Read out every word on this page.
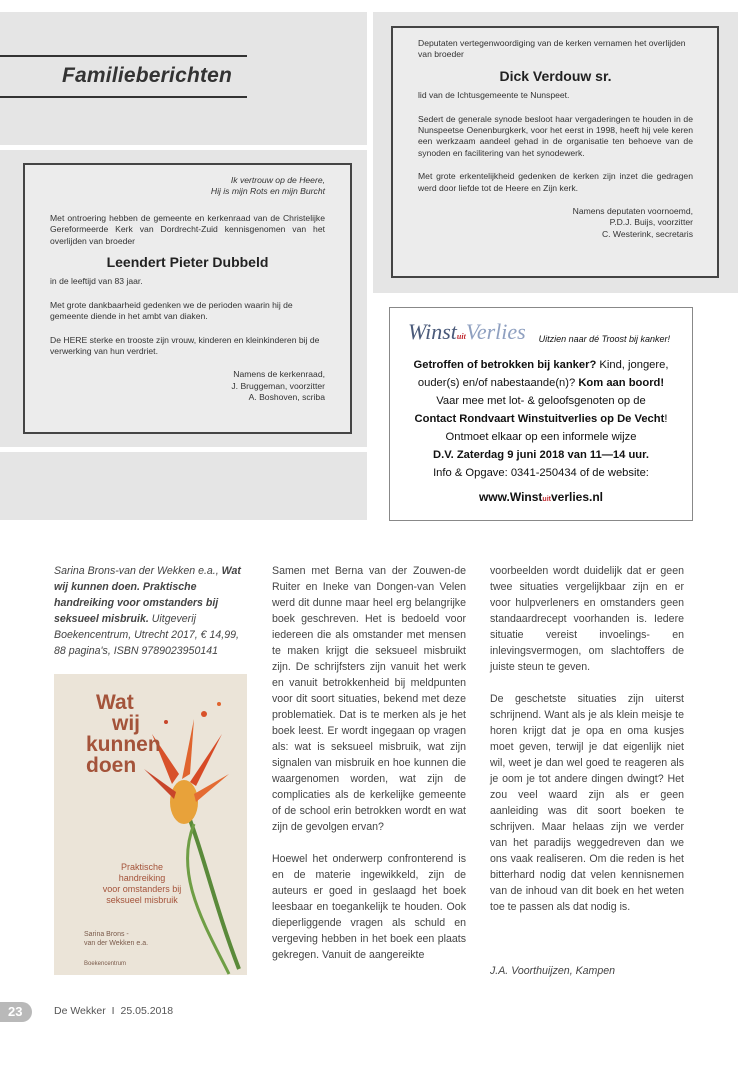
Familieberichten

Ik vertrouw op de Heere,

Hij is mijn Rots en mijn Burcht

Met ontroering hebben de gemeente en kerkenraad van de Christelijke Gereformeerde Kerk van Dordrecht-Zuid kennisgenomen van het overlijden van broeder

Leendert Pieter Dubbeld

in de leeftijd van 83 jaar.

Met grote dankbaarheid gedenken we de perioden waarin hij de gemeente diende in het ambt van diaken.

De HERE sterke en trooste zijn vrouw, kinderen en kleinkinderen bij de verwerking van hun verdriet.

Namens de kerkenraad,

J. Bruggeman, voorzitter

A. Boshoven, scriba

Deputaten vertegenwoordiging van de kerken vernamen het overlijden van broeder

Dick Verdouw sr.

lid van de Ichtusgemeente te Nunspeet.

Sedert de generale synode besloot haar vergaderingen te houden in de Nunspeetse Oenenburgkerk, voor het eerst in 1998, heeft hij vele keren een werkzaam aandeel gehad in de organisatie ten behoeve van de synoden en facilitering van het synodewerk.

Met grote erkentelijkheid gedenken de kerken zijn inzet die gedragen werd door liefde tot de Heere en Zijn kerk.

Namens deputaten voornoemd,

P.D.J. Buijs, voorzitter

C. Westerink, secretaris

WinstuitVerlies Uitzien naar dé Troost bij kanker!
Getroffen of betrokken bij kanker? Kind, jongere,
ouder(s) en/of nabestaande(n)? Kom aan boord!
Vaar mee met lot- & geloofsgenoten op de
Contact Rondvaart Winstuitverlies op De Vecht!
Ontmoet elkaar op een informele wijze
D.V. Zaterdag 9 juni 2018 van 11—14 uur.
Info & Opgave: 0341-250434 of de website:
www.Winstuitverlies.nl
Sarina Brons-van der Wekken e.a., Wat wij kunnen doen. Praktische handreiking voor omstanders bij seksueel misbruik. Uitgeverij Boekencentrum, Utrecht 2017, € 14,99, 88 pagina's, ISBN 9789023950141
Wat
wij
kunnen
doen
Praktische
handreiking
voor omstanders bij
seksueel misbruik
Sarina Brons -
van der Wekken e.a.
Boekencentrum

Samen met Berna van der Zouwen-de Ruiter en Ineke van Dongen-van Velen werd dit dunne maar heel erg belangrijke boek geschreven. Het is bedoeld voor iedereen die als omstander met mensen te maken krijgt die seksueel misbruikt zijn. De schrijfsters zijn vanuit het werk en vanuit betrokkenheid bij meldpunten voor dit soort situaties, bekend met deze problematiek. Dat is te merken als je het boek leest. Er wordt ingegaan op vragen als: wat is seksueel misbruik, wat zijn signalen van misbruik en hoe kunnen die waargenomen worden, wat zijn de complicaties als de kerkelijke gemeente of de school erin betrokken wordt en wat zijn de gevolgen ervan?

Hoewel het onderwerp confronterend is en de materie ingewikkeld, zijn de auteurs er goed in geslaagd het boek leesbaar en toegankelijk te houden. Ook dieperliggende vragen als schuld en vergeving hebben in het boek een plaats gekregen. Vanuit de aangereikte

voorbeelden wordt duidelijk dat er geen twee situaties vergelijkbaar zijn en er voor hulpverleners en omstanders geen standaardrecept voorhanden is. Iedere situatie vereist invoelings- en inlevingsvermogen, om slachtoffers de juiste steun te geven.

De geschetste situaties zijn uiterst schrijnend. Want als je als klein meisje te horen krijgt dat je opa en oma kusjes moet geven, terwijl je dat eigenlijk niet wil, weet je dan wel goed te reageren als je oom je tot andere dingen dwingt? Het zou veel waard zijn als er geen aanleiding was dit soort boeken te schrijven. Maar helaas zijn we verder van het paradijs weggedreven dan we ons vaak realiseren. Om die reden is het bitterhard nodig dat velen kennisnemen van de inhoud van dit boek en het weten toe te passen als dat nodig is.

J.A. Voorthuijzen, Kampen
23	De Wekker I 25.05.2018
